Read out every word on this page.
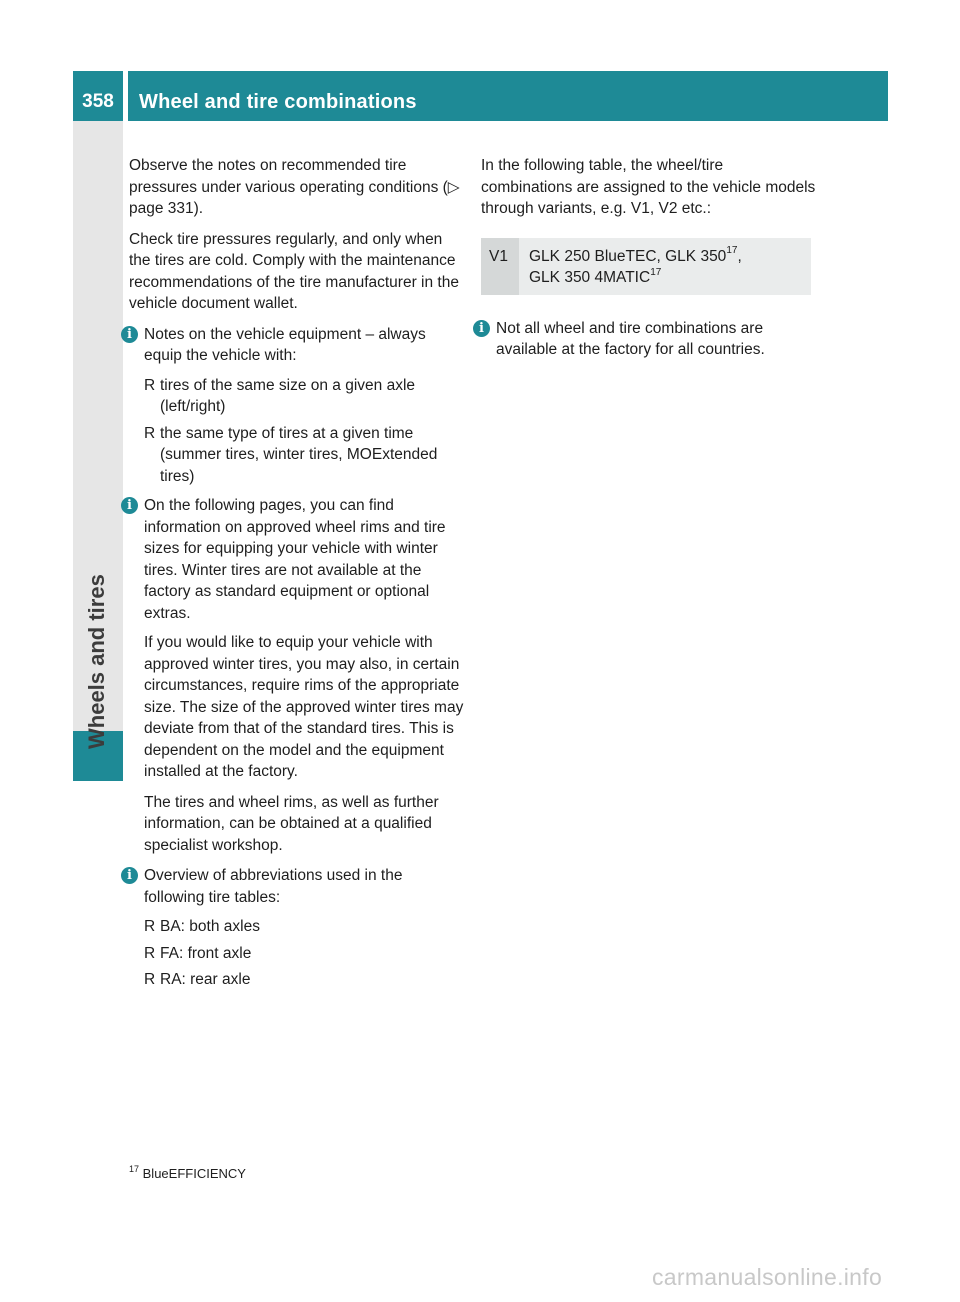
358	Wheel and tire combinations
Wheels and tires

Observe the notes on recommended tire pressures under various operating conditions (▷ page 331).

Check tire pressures regularly, and only when the tires are cold. Comply with the maintenance recommendations of the tire manufacturer in the vehicle document wallet.

i Notes on the vehicle equipment – always equip the vehicle with:
R tires of the same size on a given axle (left/right)
R the same type of tires at a given time (summer tires, winter tires, MOExtended tires)
i On the following pages, you can find information on approved wheel rims and tire sizes for equipping your vehicle with winter tires. Winter tires are not available at the factory as standard equipment or optional extras.

If you would like to equip your vehicle with approved winter tires, you may also, in certain circumstances, require rims of the appropriate size. The size of the approved winter tires may deviate from that of the standard tires. This is dependent on the model and the equipment installed at the factory.

The tires and wheel rims, as well as further information, can be obtained at a qualified specialist workshop.

i Overview of abbreviations used in the following tire tables:
R BA: both axles
R FA: front axle
R RA: rear axle

In the following table, the wheel/tire combinations are assigned to the vehicle models through variants, e.g. V1, V2 etc.:

V1	GLK 250 BlueTEC, GLK $350^{17}$,
GLK 350 4MATIC$^{17}$
i Not all wheel and tire combinations are available at the factory for all countries.
$^{17}$ BlueEFFICIENCY
carmanualsonline.info
